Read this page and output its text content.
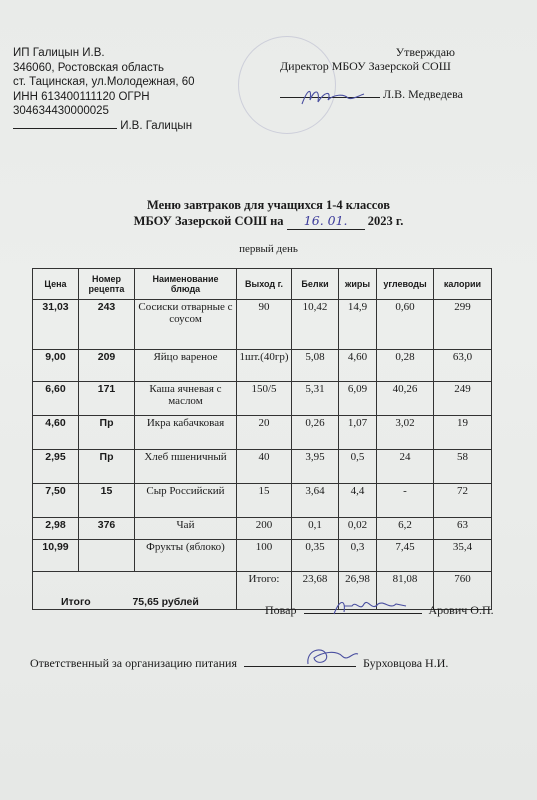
ИП Галицын И.В.
346060, Ростовская область
ст. Тацинская, ул.Молодежная, 60
ИНН 613400111120 ОГРН
304634430000025
И.В. Галицын
Утверждаю
Директор МБОУ Зазерской СОШ
Л.В. Медведева
Меню завтраков для учащихся 1-4 классов
МБОУ Зазерской СОШ на 16. 01. 2023 г.
первый день
Цена	Номер рецепта	Наименование блюда	Выход г.	Белки	жиры	углеводы	калории
31,03	243	Сосиски отварные с соусом	90	10,42	14,9	0,60	299
9,00	209	Яйцо вареное	1шт.(40гр)	5,08	4,60	0,28	63,0
6,60	171	Каша ячневая с маслом	150/5	5,31	6,09	40,26	249
4,60	Пр	Икра кабачковая	20	0,26	1,07	3,02	19
2,95	Пр	Хлеб пшеничный	40	3,95	0,5	24	58
7,50	15	Сыр Российский	15	3,64	4,4	-	72
2,98	376	Чай	200	0,1	0,02	6,2	63
10,99		Фрукты (яблоко)	100	0,35	0,3	7,45	35,4
Итого 75,65 рублей			Итого:	23,68	26,98	81,08	760
Повар	Арович О.П.
Ответственный за организацию питания	Бурховцова Н.И.
